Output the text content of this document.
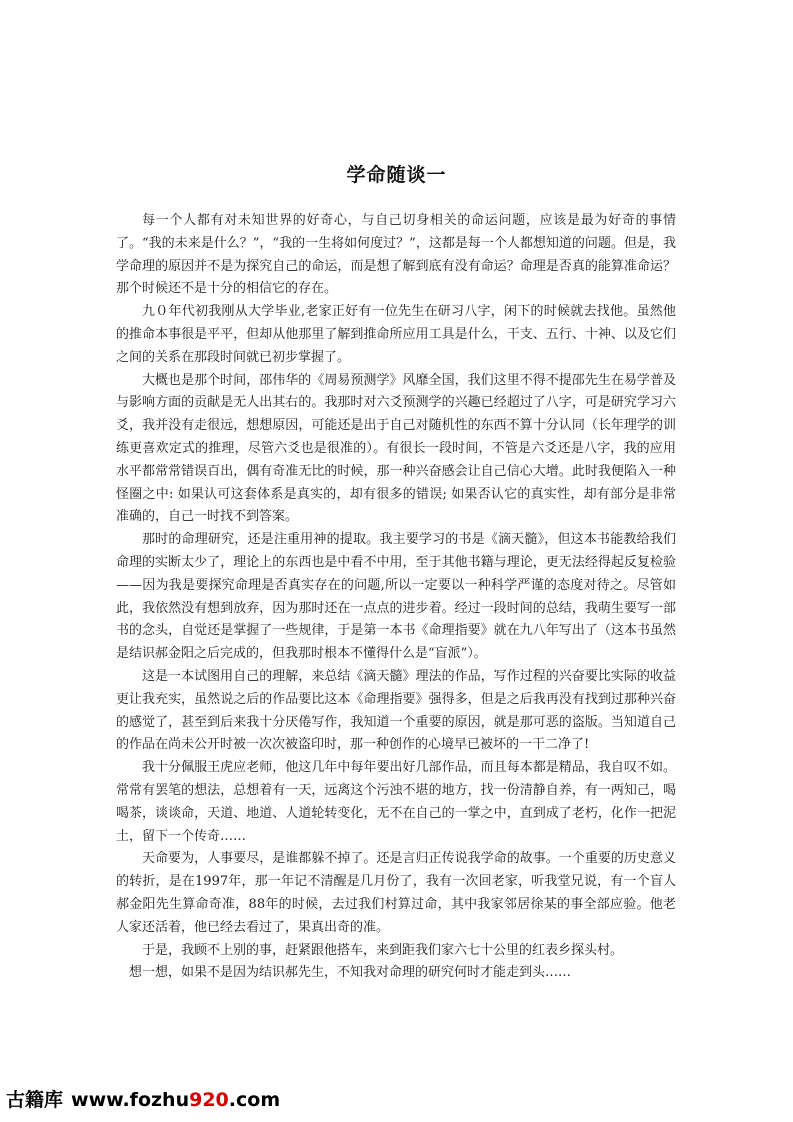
学命随谈一

每一个人都有对未知世界的好奇心，与自己切身相关的命运问题，应该是最为好奇的事情了。“我的未来是什么？”，“我的一生将如何度过？”，这都是每一个人都想知道的问题。但是，我学命理的原因并不是为探究自己的命运，而是想了解到底有没有命运？命理是否真的能算准命运？那个时候还不是十分的相信它的存在。

九０年代初我刚从大学毕业,老家正好有一位先生在研习八字，闲下的时候就去找他。虽然他的推命本事很是平平，但却从他那里了解到推命所应用工具是什么，干支、五行、十神、以及它们之间的关系在那段时间就已初步掌握了。

大概也是那个时间，邵伟华的《周易预测学》风靡全国，我们这里不得不提邵先生在易学普及与影响方面的贡献是无人出其右的。我那时对六爻预测学的兴趣已经超过了八字，可是研究学习六爻，我并没有走很远，想想原因，可能还是出于自己对随机性的东西不算十分认同（长年理学的训练更喜欢定式的推理，尽管六爻也是很准的）。有很长一段时间，不管是六爻还是八字，我的应用水平都常常错误百出，偶有奇准无比的时候，那一种兴奋感会让自己信心大增。此时我便陷入一种怪圈之中: 如果认可这套体系是真实的，却有很多的错误; 如果否认它的真实性，却有部分是非常准确的，自己一时找不到答案。

那时的命理研究，还是注重用神的提取。我主要学习的书是《滴天髓》，但这本书能教给我们命理的实断太少了，理论上的东西也是中看不中用，至于其他书籍与理论，更无法经得起反复检验——因为我是要探究命理是否真实存在的问题,所以一定要以一种科学严谨的态度对待之。尽管如此，我依然没有想到放弃，因为那时还在一点点的进步着。经过一段时间的总结，我萌生要写一部书的念头，自觉还是掌握了一些规律，于是第一本书《命理指要》就在九八年写出了（这本书虽然是结识郝金阳之后完成的，但我那时根本不懂得什么是“盲派”）。

这是一本试图用自己的理解，来总结《滴天髓》理法的作品，写作过程的兴奋要比实际的收益更让我充实，虽然说之后的作品要比这本《命理指要》强得多，但是之后我再没有找到过那种兴奋的感觉了，甚至到后来我十分厌倦写作，我知道一个重要的原因，就是那可恶的盗版。当知道自己的作品在尚未公开时被一次次被盗印时，那一种创作的心境早已被坏的一干二净了!

我十分佩服王虎应老师，他这几年中每年要出好几部作品，而且每本都是精品，我自叹不如。常常有罢笔的想法，总想着有一天，远离这个污浊不堪的地方，找一份清静自养，有一两知己，喝喝茶，谈谈命，天道、地道、人道轮转变化，无不在自己的一掌之中，直到成了老朽，化作一把泥土，留下一个传奇……

天命要为，人事要尽，是谁都躲不掉了。还是言归正传说我学命的故事。一个重要的历史意义的转折，是在1997年，那一年记不清醒是几月份了，我有一次回老家，听我堂兄说，有一个盲人郝金阳先生算命奇准，88年的时候，去过我们村算过命，其中我家邻居徐某的事全部应验。他老人家还活着，他已经去看过了，果真出奇的准。

于是，我顾不上别的事，赶紧跟他搭车，来到距我们家六七十公里的红表乡探头村。

想一想，如果不是因为结识郝先生，不知我对命理的研究何时才能走到头……

古籍库 www.fozhu 920 .com
